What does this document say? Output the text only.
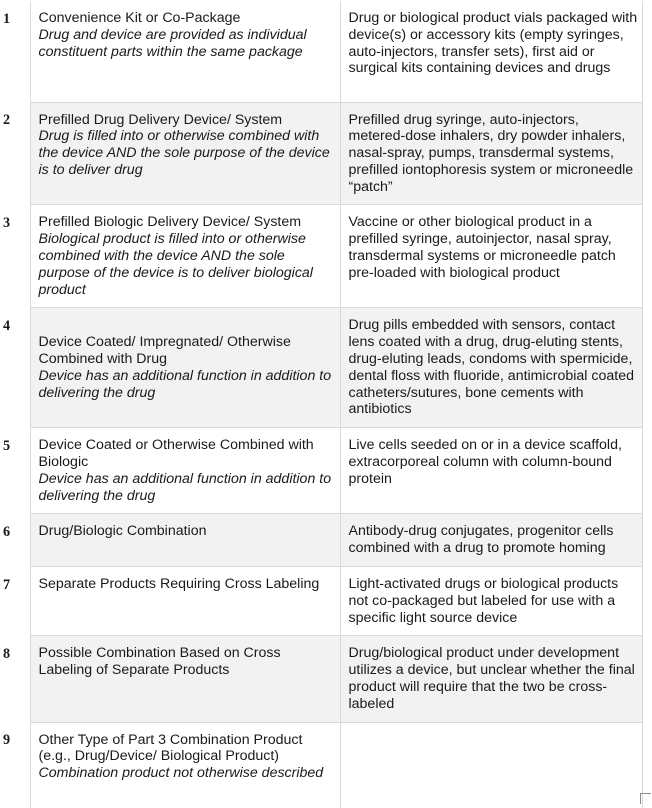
1	Convenience Kit or Co-Package
Drug and device are provided as individual constituent parts within the same package	Drug or biological product vials packaged with device(s) or accessory kits (empty syringes, auto-injectors, transfer sets), first aid or surgical kits containing devices and drugs
2	Prefilled Drug Delivery Device/ System
Drug is filled into or otherwise combined with the device AND the sole purpose of the device is to deliver drug	Prefilled drug syringe, auto-injectors, metered-dose inhalers, dry powder inhalers, nasal-spray, pumps, transdermal systems, prefilled iontophoresis system or microneedle “patch”
3	Prefilled Biologic Delivery Device/ System
Biological product is filled into or otherwise combined with the device AND the sole purpose of the device is to deliver biological product	Vaccine or other biological product in a prefilled syringe, autoinjector, nasal spray, transdermal systems or microneedle patch pre-loaded with biological product
4	Device Coated/ Impregnated/ Otherwise Combined with Drug
Device has an additional function in addition to delivering the drug	Drug pills embedded with sensors, contact lens coated with a drug, drug-eluting stents, drug-eluting leads, condoms with spermicide, dental floss with fluoride, antimicrobial coated catheters/sutures, bone cements with antibiotics
5	Device Coated or Otherwise Combined with Biologic
Device has an additional function in addition to delivering the drug	Live cells seeded on or in a device scaffold, extracorporeal column with column-bound protein
6	Drug/Biologic Combination	Antibody-drug conjugates, progenitor cells combined with a drug to promote homing
7	Separate Products Requiring Cross Labeling	Light-activated drugs or biological products not co-packaged but labeled for use with a specific light source device
8	Possible Combination Based on Cross Labeling of Separate Products	Drug/biological product under development utilizes a device, but unclear whether the final product will require that the two be cross-labeled
9	Other Type of Part 3 Combination Product (e.g., Drug/Device/ Biological Product)
Combination product not otherwise described	
